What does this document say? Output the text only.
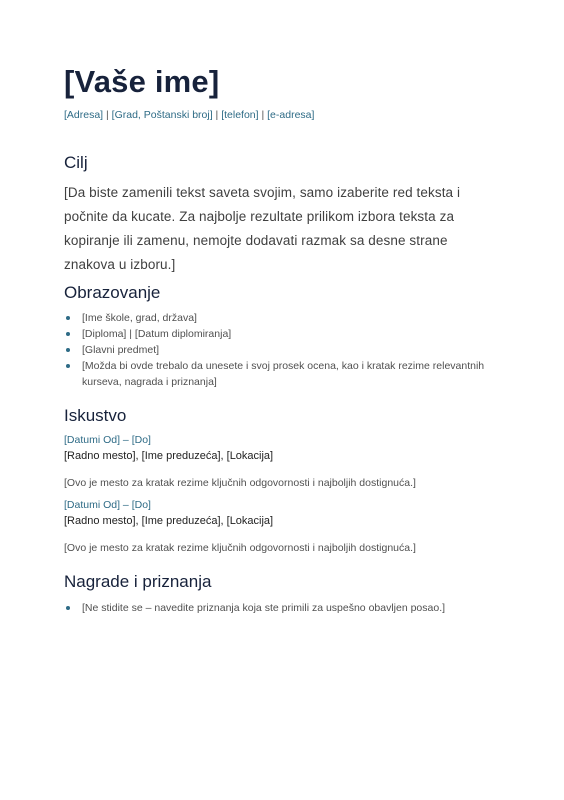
[Vaše ime]
[Adresa] | [Grad, Poštanski broj] | [telefon] | [e-adresa]
Cilj
[Da biste zamenili tekst saveta svojim, samo izaberite red teksta i
počnite da kucate. Za najbolje rezultate prilikom izbora teksta za
kopiranje ili zamenu, nemojte dodavati razmak sa desne strane
znakova u izboru.]
Obrazovanje
[Ime škole, grad, država]
[Diploma] | [Datum diplomiranja]
[Glavni predmet]
[Možda bi ovde trebalo da unesete i svoj prosek ocena, kao i kratak rezime relevantnih kurseva, nagrada i priznanja]
Iskustvo
[Datumi Od] – [Do]
[Radno mesto], [Ime preduzeća], [Lokacija]
[Ovo je mesto za kratak rezime ključnih odgovornosti i najboljih dostignuća.]
[Datumi Od] – [Do]
[Radno mesto], [Ime preduzeća], [Lokacija]
[Ovo je mesto za kratak rezime ključnih odgovornosti i najboljih dostignuća.]
Nagrade i priznanja
[Ne stidite se – navedite priznanja koja ste primili za uspešno obavljen posao.]
